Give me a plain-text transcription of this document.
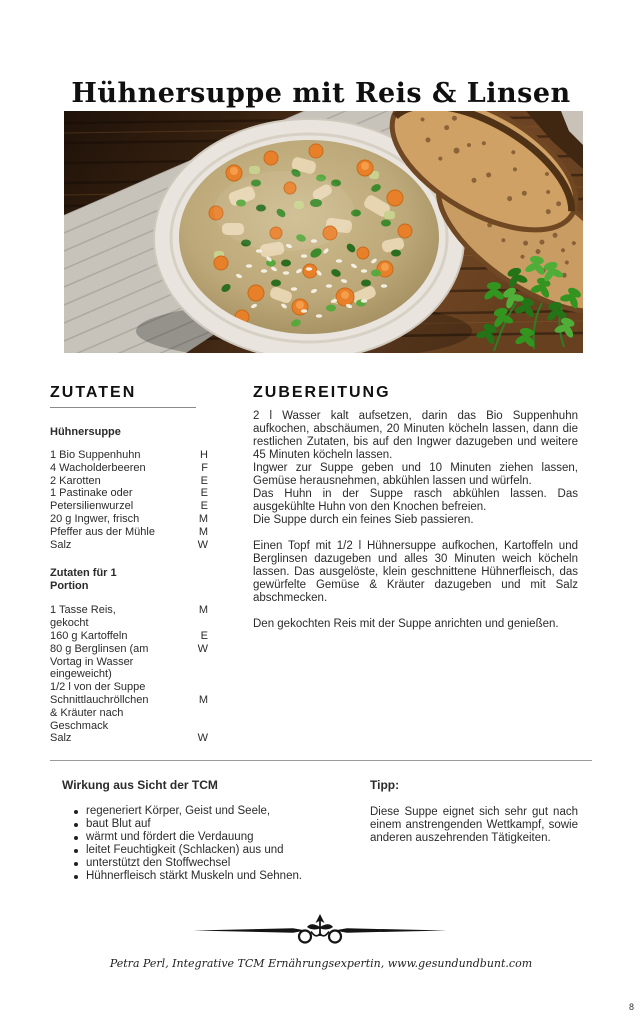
Hühnersuppe mit Reis & Linsen
ZUTATEN
Hühnersuppe
1 Bio Suppenhuhn	H
4 Wacholderbeeren	F
2 Karotten	E
1 Pastinake oder	E
Petersilienwurzel	E
20 g Ingwer, frisch	M
Pfeffer aus der Mühle	M
Salz	W
Zutaten für 1
Portion
1 Tasse Reis,	M
gekocht
160 g Kartoffeln	E
80 g Berglinsen (am	W
Vortag in Wasser
eingeweicht)
1/2 l von der Suppe
Schnittlauchröllchen	M
& Kräuter nach
Geschmack
Salz	W
ZUBEREITUNG

2 l Wasser kalt aufsetzen, darin das Bio Suppenhuhn aufkochen, abschäumen, 20 Minuten köcheln lassen, dann die restlichen Zutaten, bis auf den Ingwer dazugeben und weitere 45 Minuten köcheln lassen.

Ingwer zur Suppe geben und 10 Minuten ziehen lassen, Gemüse herausnehmen, abkühlen lassen und würfeln.

Das Huhn in der Suppe rasch abkühlen lassen. Das ausgekühlte Huhn von den Knochen befreien.

Die Suppe durch ein feines Sieb passieren.

Einen Topf mit 1/2 l Hühnersuppe aufkochen, Kartoffeln und Berglinsen dazugeben und alles 30 Minuten weich köcheln lassen. Das ausgelöste, klein geschnittene Hühnerfleisch, das gewürfelte Gemüse & Kräuter dazugeben und mit Salz abschmecken.

Den gekochten Reis mit der Suppe anrichten und genießen.

Wirkung aus Sicht der TCM
regeneriert Körper, Geist und Seele,
baut Blut auf
wärmt und fördert die Verdauung
leitet Feuchtigkeit (Schlacken) aus und
unterstützt den Stoffwechsel
Hühnerfleisch stärkt Muskeln und Sehnen.
Tipp:

Diese Suppe eignet sich sehr gut nach einem anstrengenden Wettkampf, sowie anderen auszehrenden Tätigkeiten.

Petra Perl, Integrative TCM Ernährungsexpertin, www.gesundundbunt.com
8
